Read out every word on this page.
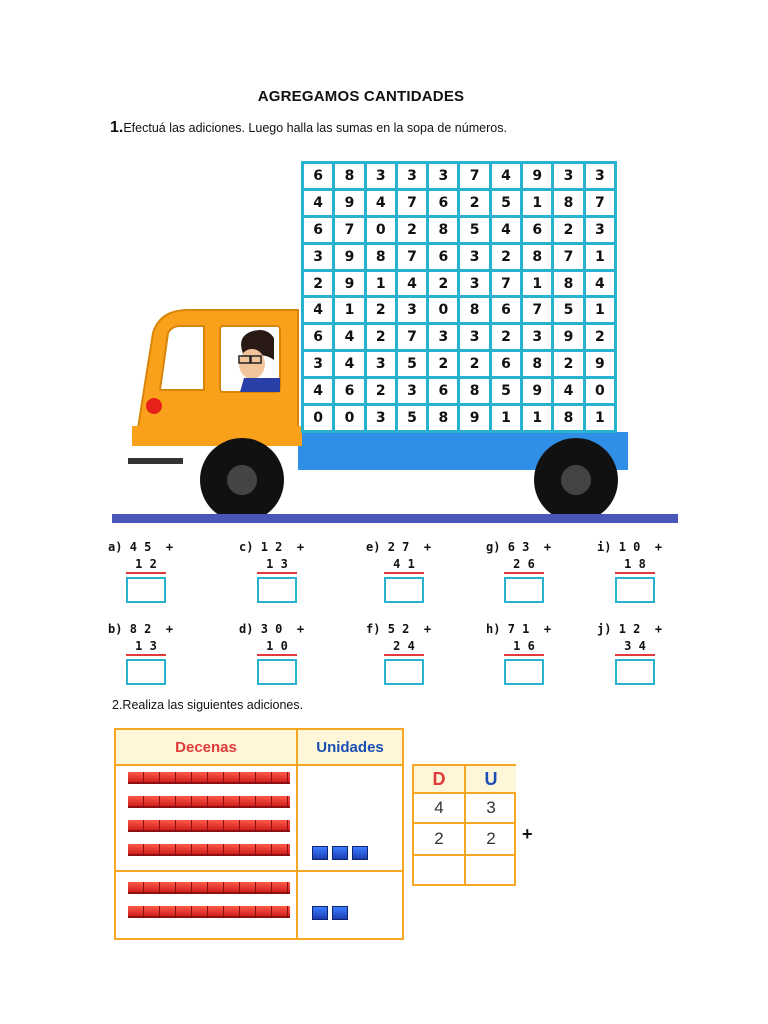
AGREGAMOS CANTIDADES
1.Efectuá las adiciones. Luego halla las sumas en la sopa de números.
6	8	3	3	3	7	4	9	3	3
4	9	4	7	6	2	5	1	8	7
6	7	0	2	8	5	4	6	2	3
3	9	8	7	6	3	2	8	7	1
2	9	1	4	2	3	7	1	8	4
4	1	2	3	0	8	6	7	5	1
6	4	2	7	3	3	2	3	9	2
3	4	3	5	2	2	6	8	2	9
4	6	2	3	6	8	5	9	4	0
0	0	3	5	8	9	1	1	8	1
a) 4 5 +
1 2
c) 1 2 +
1 3
e) 2 7 +
4 1
g) 6 3 +
2 6
i) 1 0 +
1 8
b) 8 2 +
1 3
d) 3 0 +
1 0
f) 5 2 +
2 4
h) 7 1 +
1 6
j) 1 2 +
3 4
2.Realiza las siguientes adiciones.
Decenas	Unidades
D	U
4	3
2	2	+
